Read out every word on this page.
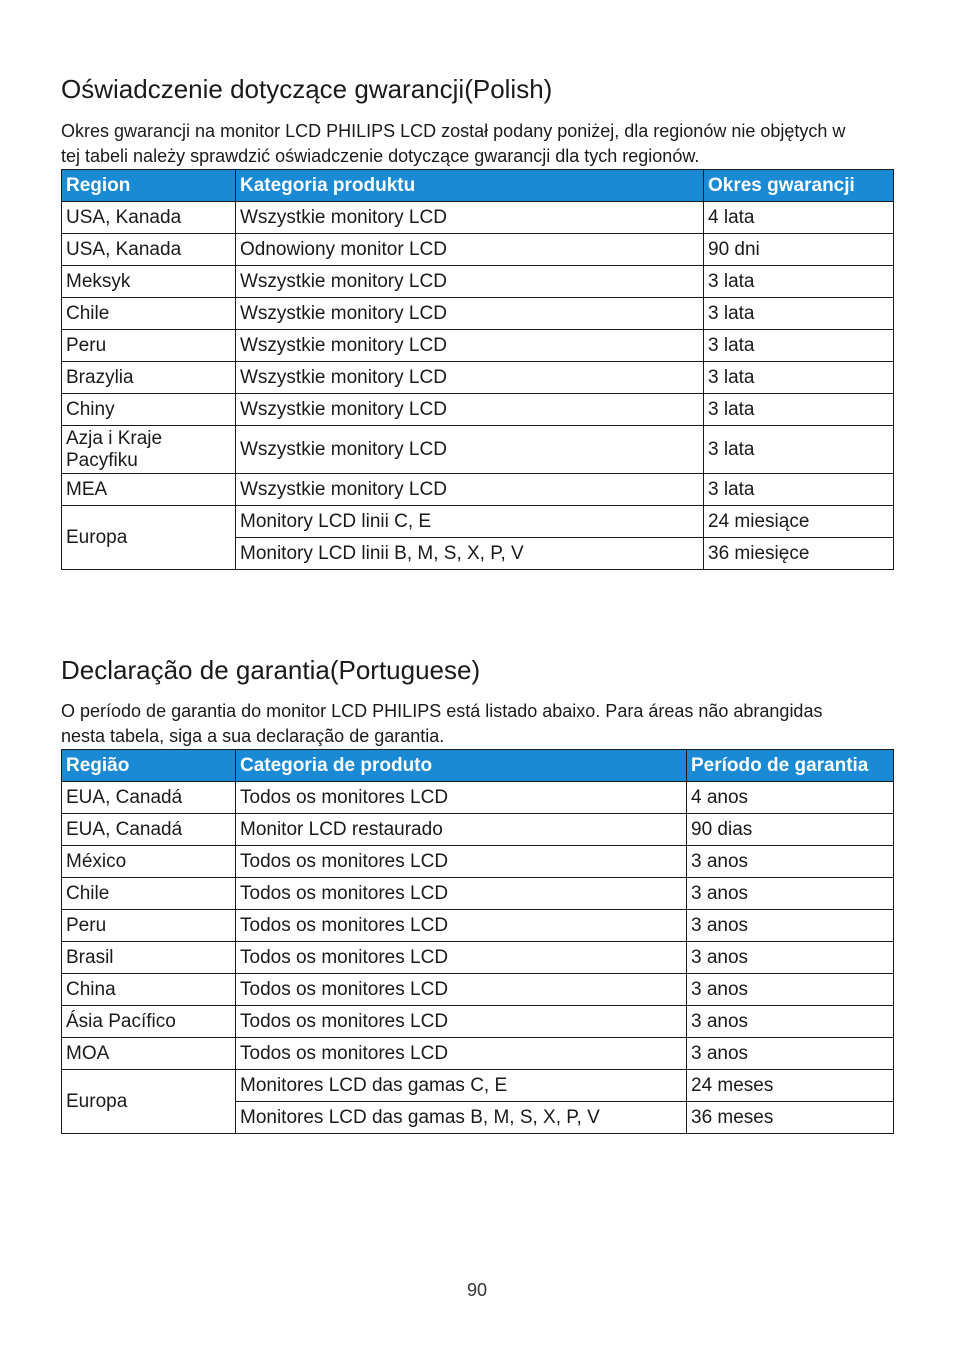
Oświadczenie dotyczące gwarancji(Polish)

Okres gwarancji na monitor LCD PHILIPS LCD został podany poniżej, dla regionów nie objętych w tej tabeli należy sprawdzić oświadczenie dotyczące gwarancji dla tych regionów.

Region	Kategoria produktu	Okres gwarancji
USA, Kanada	Wszystkie monitory LCD	4 lata
USA, Kanada	Odnowiony monitor LCD	90 dni
Meksyk	Wszystkie monitory LCD	3 lata
Chile	Wszystkie monitory LCD	3 lata
Peru	Wszystkie monitory LCD	3 lata
Brazylia	Wszystkie monitory LCD	3 lata
Chiny	Wszystkie monitory LCD	3 lata
Azja i Kraje Pacyfiku	Wszystkie monitory LCD	3 lata
MEA	Wszystkie monitory LCD	3 lata
Europa	Monitory LCD linii C, E	24 miesiące
	Monitory LCD linii B, M, S, X, P, V	36 miesięce
Declaração de garantia(Portuguese)

O período de garantia do monitor LCD PHILIPS está listado abaixo. Para áreas não abrangidas nesta tabela, siga a sua declaração de garantia.

Região	Categoria de produto	Período de garantia
EUA, Canadá	Todos os monitores LCD	4 anos
EUA, Canadá	Monitor LCD restaurado	90 dias
México	Todos os monitores LCD	3 anos
Chile	Todos os monitores LCD	3 anos
Peru	Todos os monitores LCD	3 anos
Brasil	Todos os monitores LCD	3 anos
China	Todos os monitores LCD	3 anos
Ásia Pacífico	Todos os monitores LCD	3 anos
MOA	Todos os monitores LCD	3 anos
Europa	Monitores LCD das gamas C, E	24 meses
	Monitores LCD das gamas B, M, S, X, P, V	36 meses
90
